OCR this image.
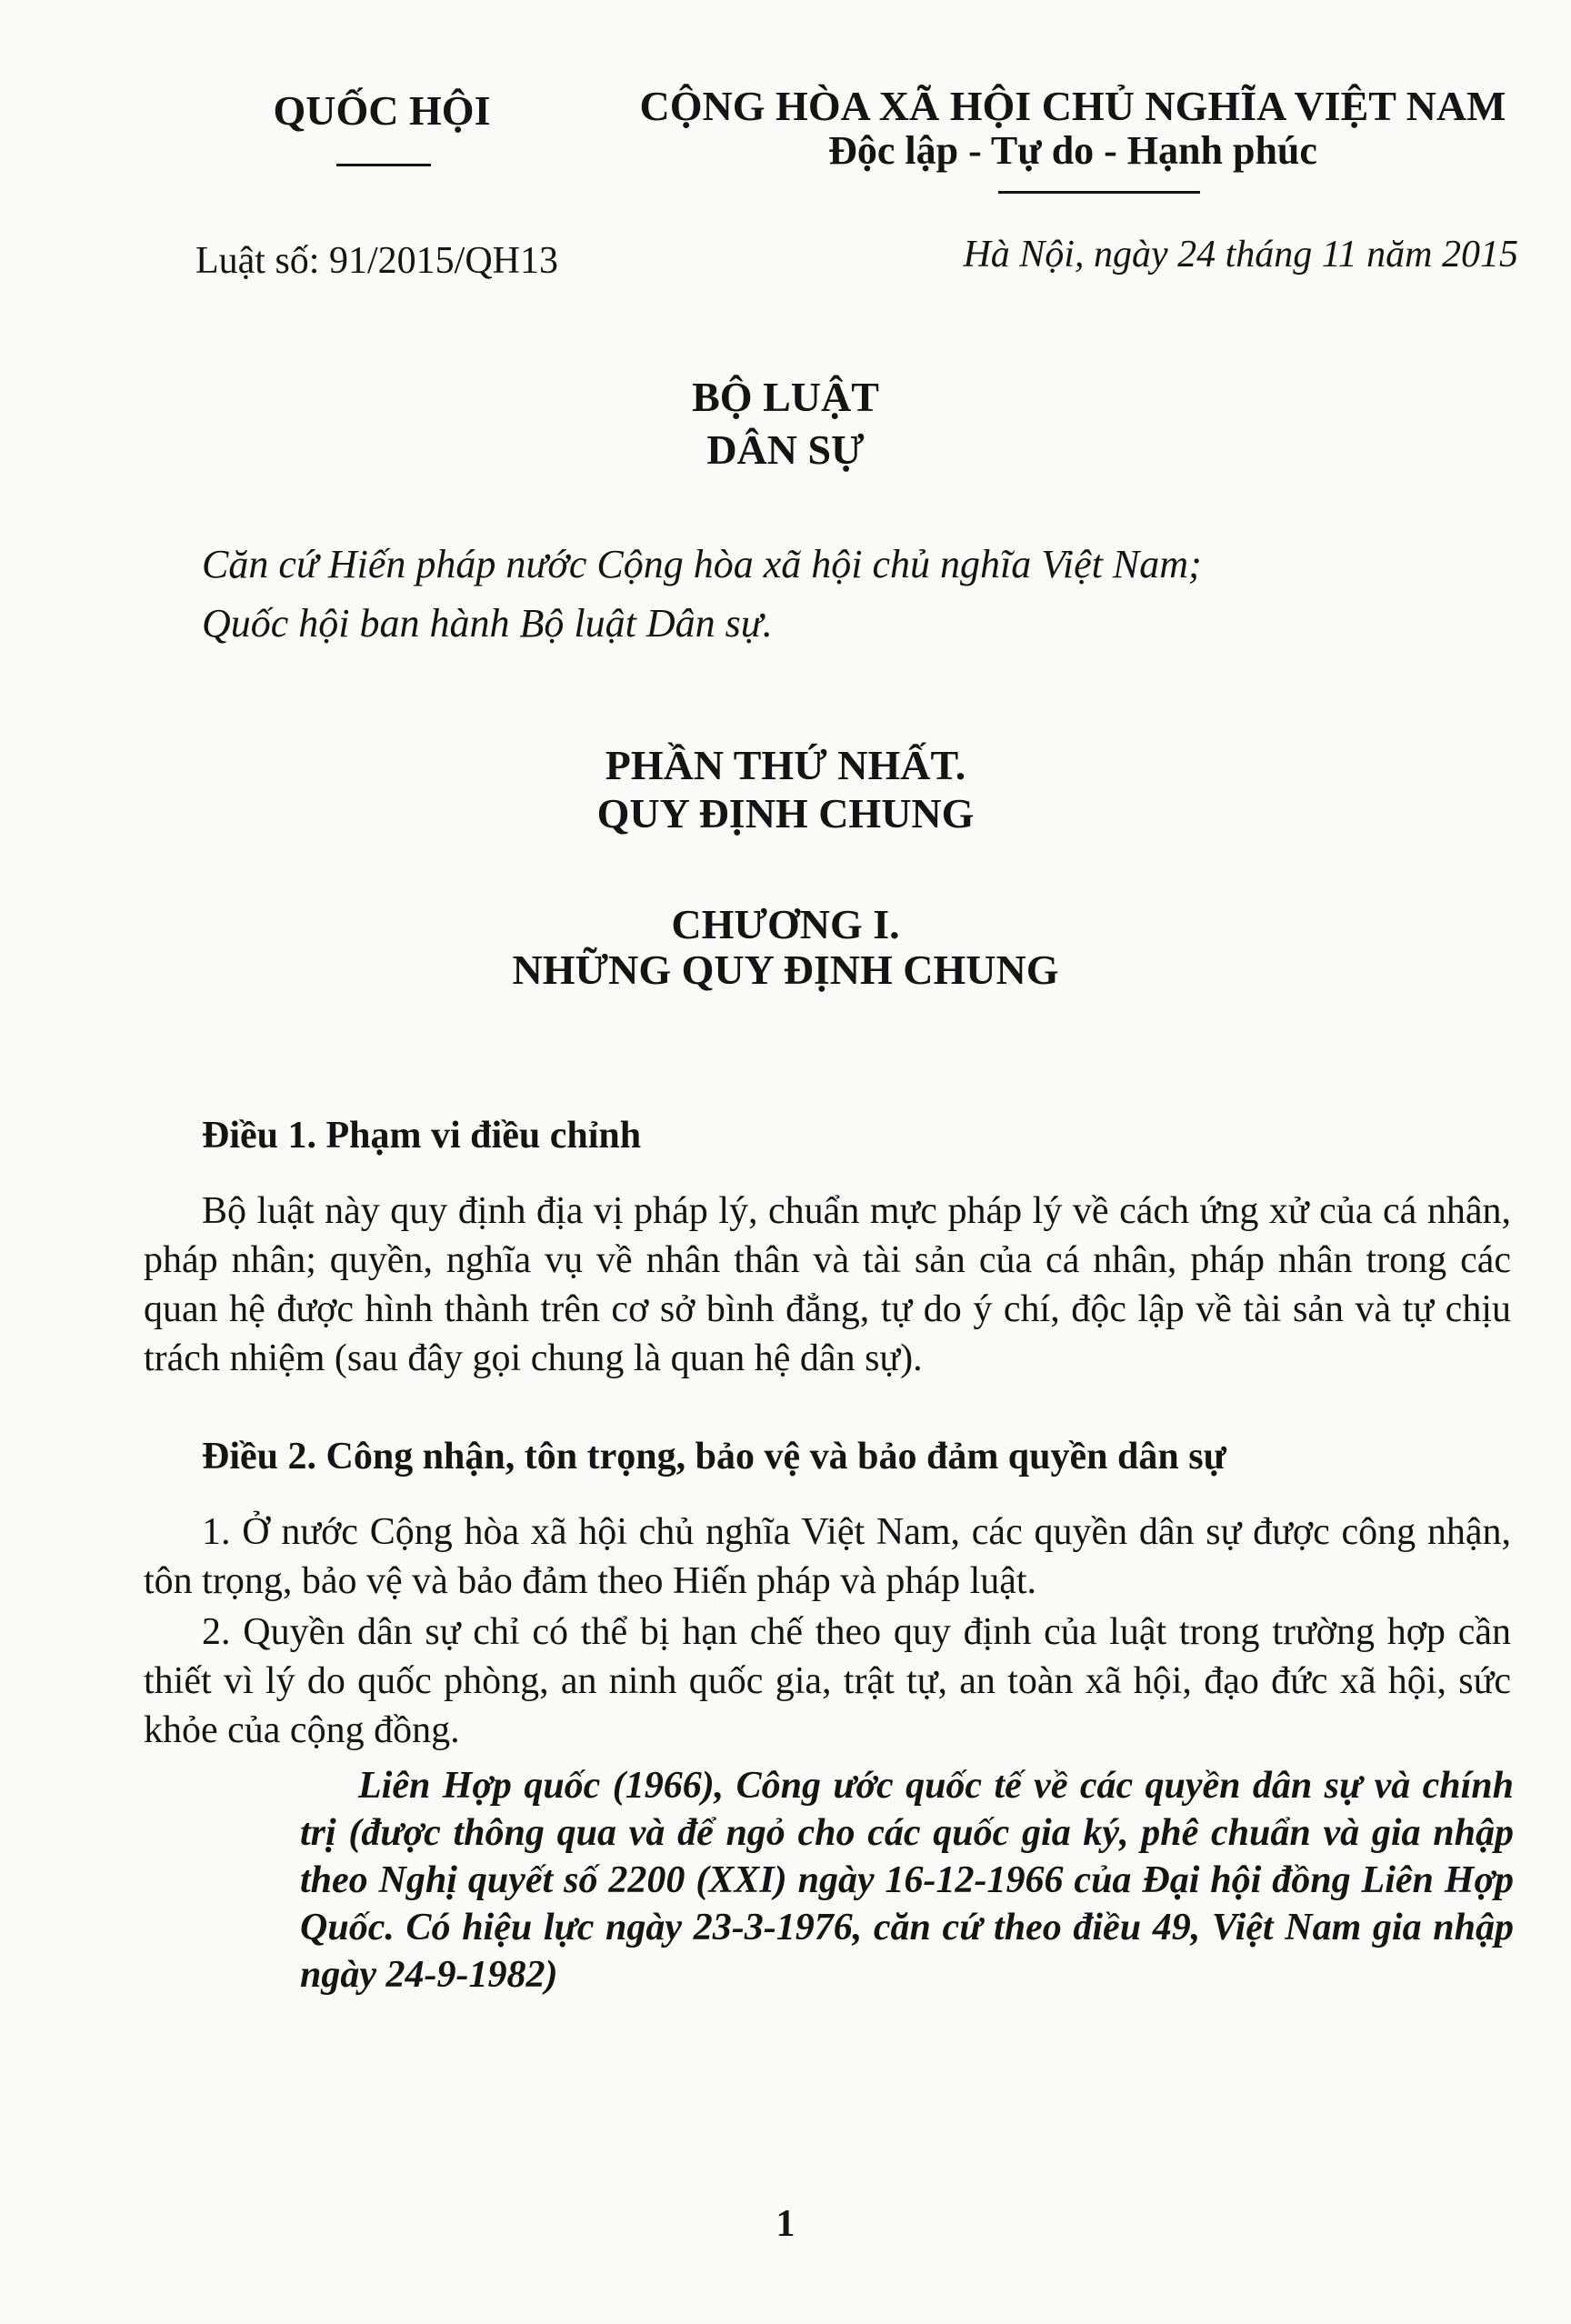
QUỐC HỘI	CỘNG HÒA XÃ HỘI CHỦ NGHĨA VIỆT NAM
Độc lập - Tự do - Hạnh phúc
Luật số: 91/2015/QH13	Hà Nội, ngày 24 tháng 11 năm 2015
BỘ LUẬT
DÂN SỰ
Căn cứ Hiến pháp nước Cộng hòa xã hội chủ nghĩa Việt Nam;
Quốc hội ban hành Bộ luật Dân sự.
PHẦN THỨ NHẤT.
QUY ĐỊNH CHUNG
CHƯƠNG I.
NHỮNG QUY ĐỊNH CHUNG
Điều 1. Phạm vi điều chỉnh
Bộ luật này quy định địa vị pháp lý, chuẩn mực pháp lý về cách ứng xử của cá nhân, pháp nhân; quyền, nghĩa vụ về nhân thân và tài sản của cá nhân, pháp nhân trong các quan hệ được hình thành trên cơ sở bình đẳng, tự do ý chí, độc lập về tài sản và tự chịu trách nhiệm (sau đây gọi chung là quan hệ dân sự).
Điều 2. Công nhận, tôn trọng, bảo vệ và bảo đảm quyền dân sự
1. Ở nước Cộng hòa xã hội chủ nghĩa Việt Nam, các quyền dân sự được công nhận, tôn trọng, bảo vệ và bảo đảm theo Hiến pháp và pháp luật.
2. Quyền dân sự chỉ có thể bị hạn chế theo quy định của luật trong trường hợp cần thiết vì lý do quốc phòng, an ninh quốc gia, trật tự, an toàn xã hội, đạo đức xã hội, sức khỏe của cộng đồng.
Liên Hợp quốc (1966), Công ước quốc tế về các quyền dân sự và chính trị (được thông qua và để ngỏ cho các quốc gia ký, phê chuẩn và gia nhập theo Nghị quyết số 2200 (XXI) ngày 16-12-1966 của Đại hội đồng Liên Hợp Quốc. Có hiệu lực ngày 23-3-1976, căn cứ theo điều 49, Việt Nam gia nhập ngày 24-9-1982)
1
